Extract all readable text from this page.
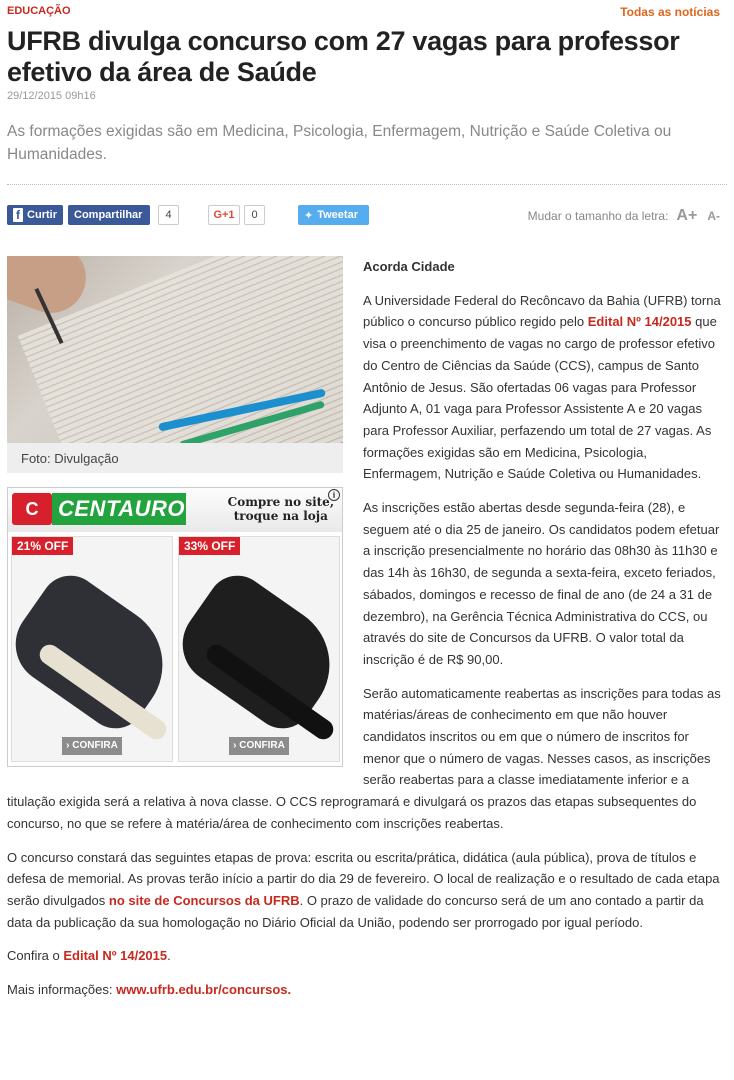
EDUCAÇÃO	Todas as notícias
UFRB divulga concurso com 27 vagas para professor efetivo da área de Saúde
29/12/2015 09h16
As formações exigidas são em Medicina, Psicologia, Enfermagem, Nutrição e Saúde Coletiva ou Humanidades.
f Curtir	Compartilhar	4	G+1	0	✦ Tweetar	Mudar o tamanho da letra: A+ A-
Foto: Divulgação
C CENTAURO	Compre no site,
troque na loja
i
21% OFF
› CONFIRA
33% OFF
› CONFIRA

Acorda Cidade

A Universidade Federal do Recôncavo da Bahia (UFRB) torna público o concurso público regido pelo Edital Nº 14/2015 que visa o preenchimento de vagas no cargo de professor efetivo do Centro de Ciências da Saúde (CCS), campus de Santo Antônio de Jesus. São ofertadas 06 vagas para Professor Adjunto A, 01 vaga para Professor Assistente A e 20 vagas para Professor Auxiliar, perfazendo um total de 27 vagas. As formações exigidas são em Medicina, Psicologia, Enfermagem, Nutrição e Saúde Coletiva ou Humanidades.

As inscrições estão abertas desde segunda-feira (28), e seguem até o dia 25 de janeiro. Os candidatos podem efetuar a inscrição presencialmente no horário das 08h30 às 11h30 e das 14h às 16h30, de segunda a sexta-feira, exceto feriados, sábados, domingos e recesso de final de ano (de 24 a 31 de dezembro), na Gerência Técnica Administrativa do CCS, ou através do site de Concursos da UFRB. O valor total da inscrição é de R$ 90,00.

Serão automaticamente reabertas as inscrições para todas as matérias/áreas de conhecimento em que não houver candidatos inscritos ou em que o número de inscritos for menor que o número de vagas. Nesses casos, as inscrições serão reabertas para a classe imediatamente inferior e a titulação exigida será a relativa à nova classe. O CCS reprogramará e divulgará os prazos das etapas subsequentes do concurso, no que se refere à matéria/área de conhecimento com inscrições reabertas.

O concurso constará das seguintes etapas de prova: escrita ou escrita/prática, didática (aula pública), prova de títulos e defesa de memorial. As provas terão início a partir do dia 29 de fevereiro. O local de realização e o resultado de cada etapa serão divulgados no site de Concursos da UFRB. O prazo de validade do concurso será de um ano contado a partir da data da publicação da sua homologação no Diário Oficial da União, podendo ser prorrogado por igual período.

Confira o Edital Nº 14/2015.

Mais informações: www.ufrb.edu.br/concursos.
